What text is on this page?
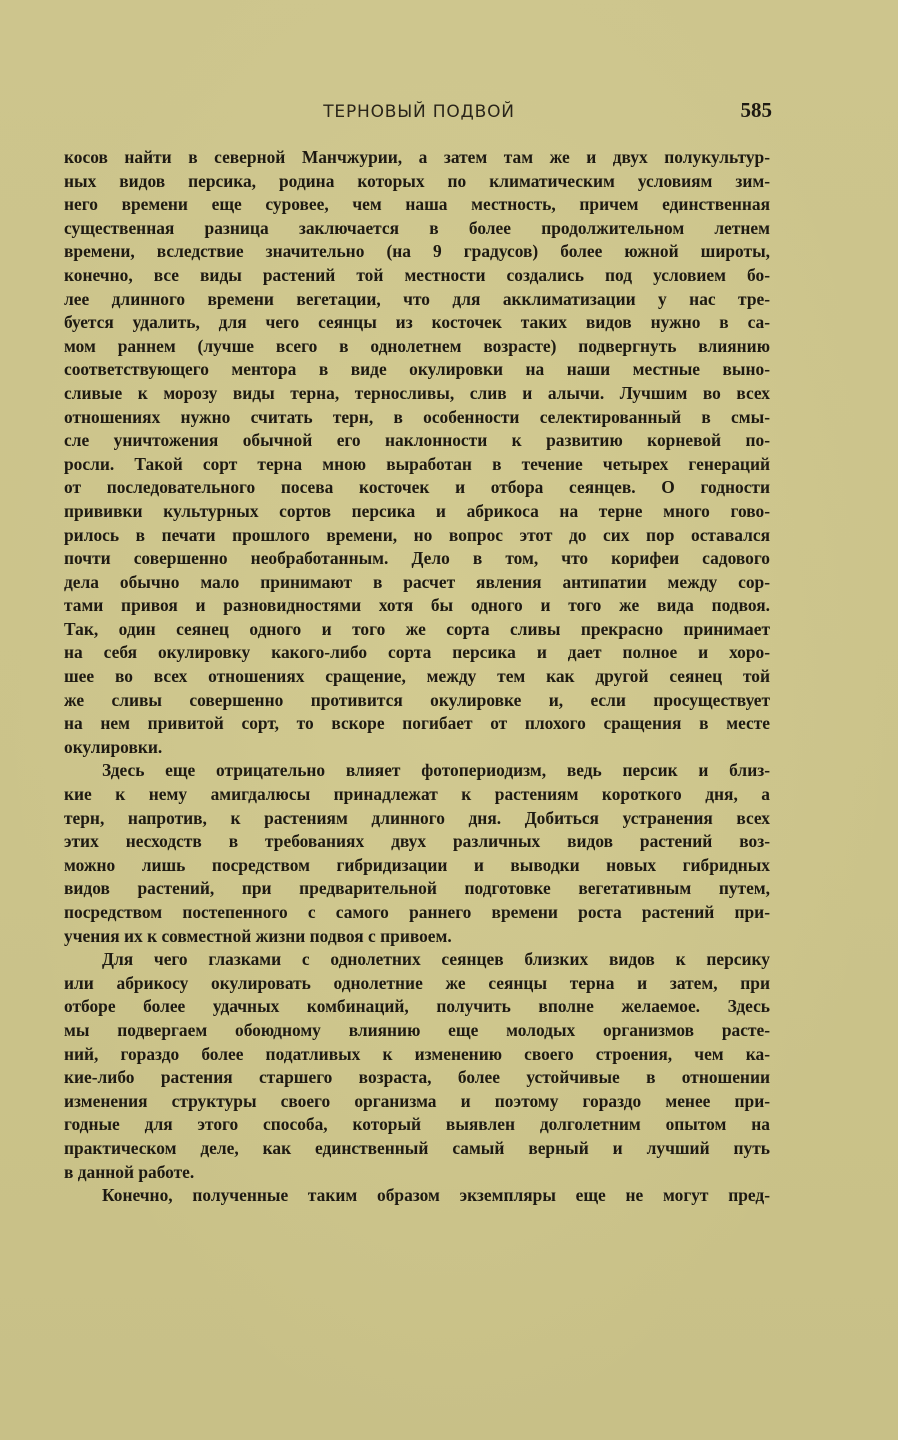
ТЕРНОВЫЙ ПОДВОЙ	585
косов найти в северной Манчжурии, а затем там же и двух полукультур-
ных видов персика, родина которых по климатическим условиям зим-
него времени еще суровее, чем наша местность, причем единственная
существенная разница заключается в более продолжительном летнем
времени, вследствие значительно (на 9 градусов) более южной широты,
конечно, все виды растений той местности создались под условием бо-
лее длинного времени вегетации, что для акклиматизации у нас тре-
буется удалить, для чего сеянцы из косточек таких видов нужно в са-
мом раннем (лучше всего в однолетнем возрасте) подвергнуть влиянию
соответствующего ментора в виде окулировки на наши местные выно-
сливые к морозу виды терна, терносливы, слив и алычи. Лучшим во всех
отношениях нужно считать терн, в особенности селектированный в смы-
сле уничтожения обычной его наклонности к развитию корневой по-
росли. Такой сорт терна мною выработан в течение четырех генераций
от последовательного посева косточек и отбора сеянцев. О годности
прививки культурных сортов персика и абрикоса на терне много гово-
рилось в печати прошлого времени, но вопрос этот до сих пор оставался
почти совершенно необработанным. Дело в том, что корифеи садового
дела обычно мало принимают в расчет явления антипатии между сор-
тами привоя и разновидностями хотя бы одного и того же вида подвоя.
Так, один сеянец одного и того же сорта сливы прекрасно принимает
на себя окулировку какого-либо сорта персика и дает полное и хоро-
шее во всех отношениях сращение, между тем как другой сеянец той
же сливы совершенно противится окулировке и, если просуществует
на нем привитой сорт, то вскоре погибает от плохого сращения в месте
окулировки.
Здесь еще отрицательно влияет фотопериодизм, ведь персик и близ-
кие к нему амигдалюсы принадлежат к растениям короткого дня, а
терн, напротив, к растениям длинного дня. Добиться устранения всех
этих несходств в требованиях двух различных видов растений воз-
можно лишь посредством гибридизации и выводки новых гибридных
видов растений, при предварительной подготовке вегетативным путем,
посредством постепенного с самого раннего времени роста растений при-
учения их к совместной жизни подвоя с привоем.
Для чего глазками с однолетних сеянцев близких видов к персику
или абрикосу окулировать однолетние же сеянцы терна и затем, при
отборе более удачных комбинаций, получить вполне желаемое. Здесь
мы подвергаем обоюдному влиянию еще молодых организмов расте-
ний, гораздо более податливых к изменению своего строения, чем ка-
кие-либо растения старшего возраста, более устойчивые в отношении
изменения структуры своего организма и поэтому гораздо менее при-
годные для этого способа, который выявлен долголетним опытом на
практическом деле, как единственный самый верный и лучший путь
в данной работе.
Конечно, полученные таким образом экземпляры еще не могут пред-
